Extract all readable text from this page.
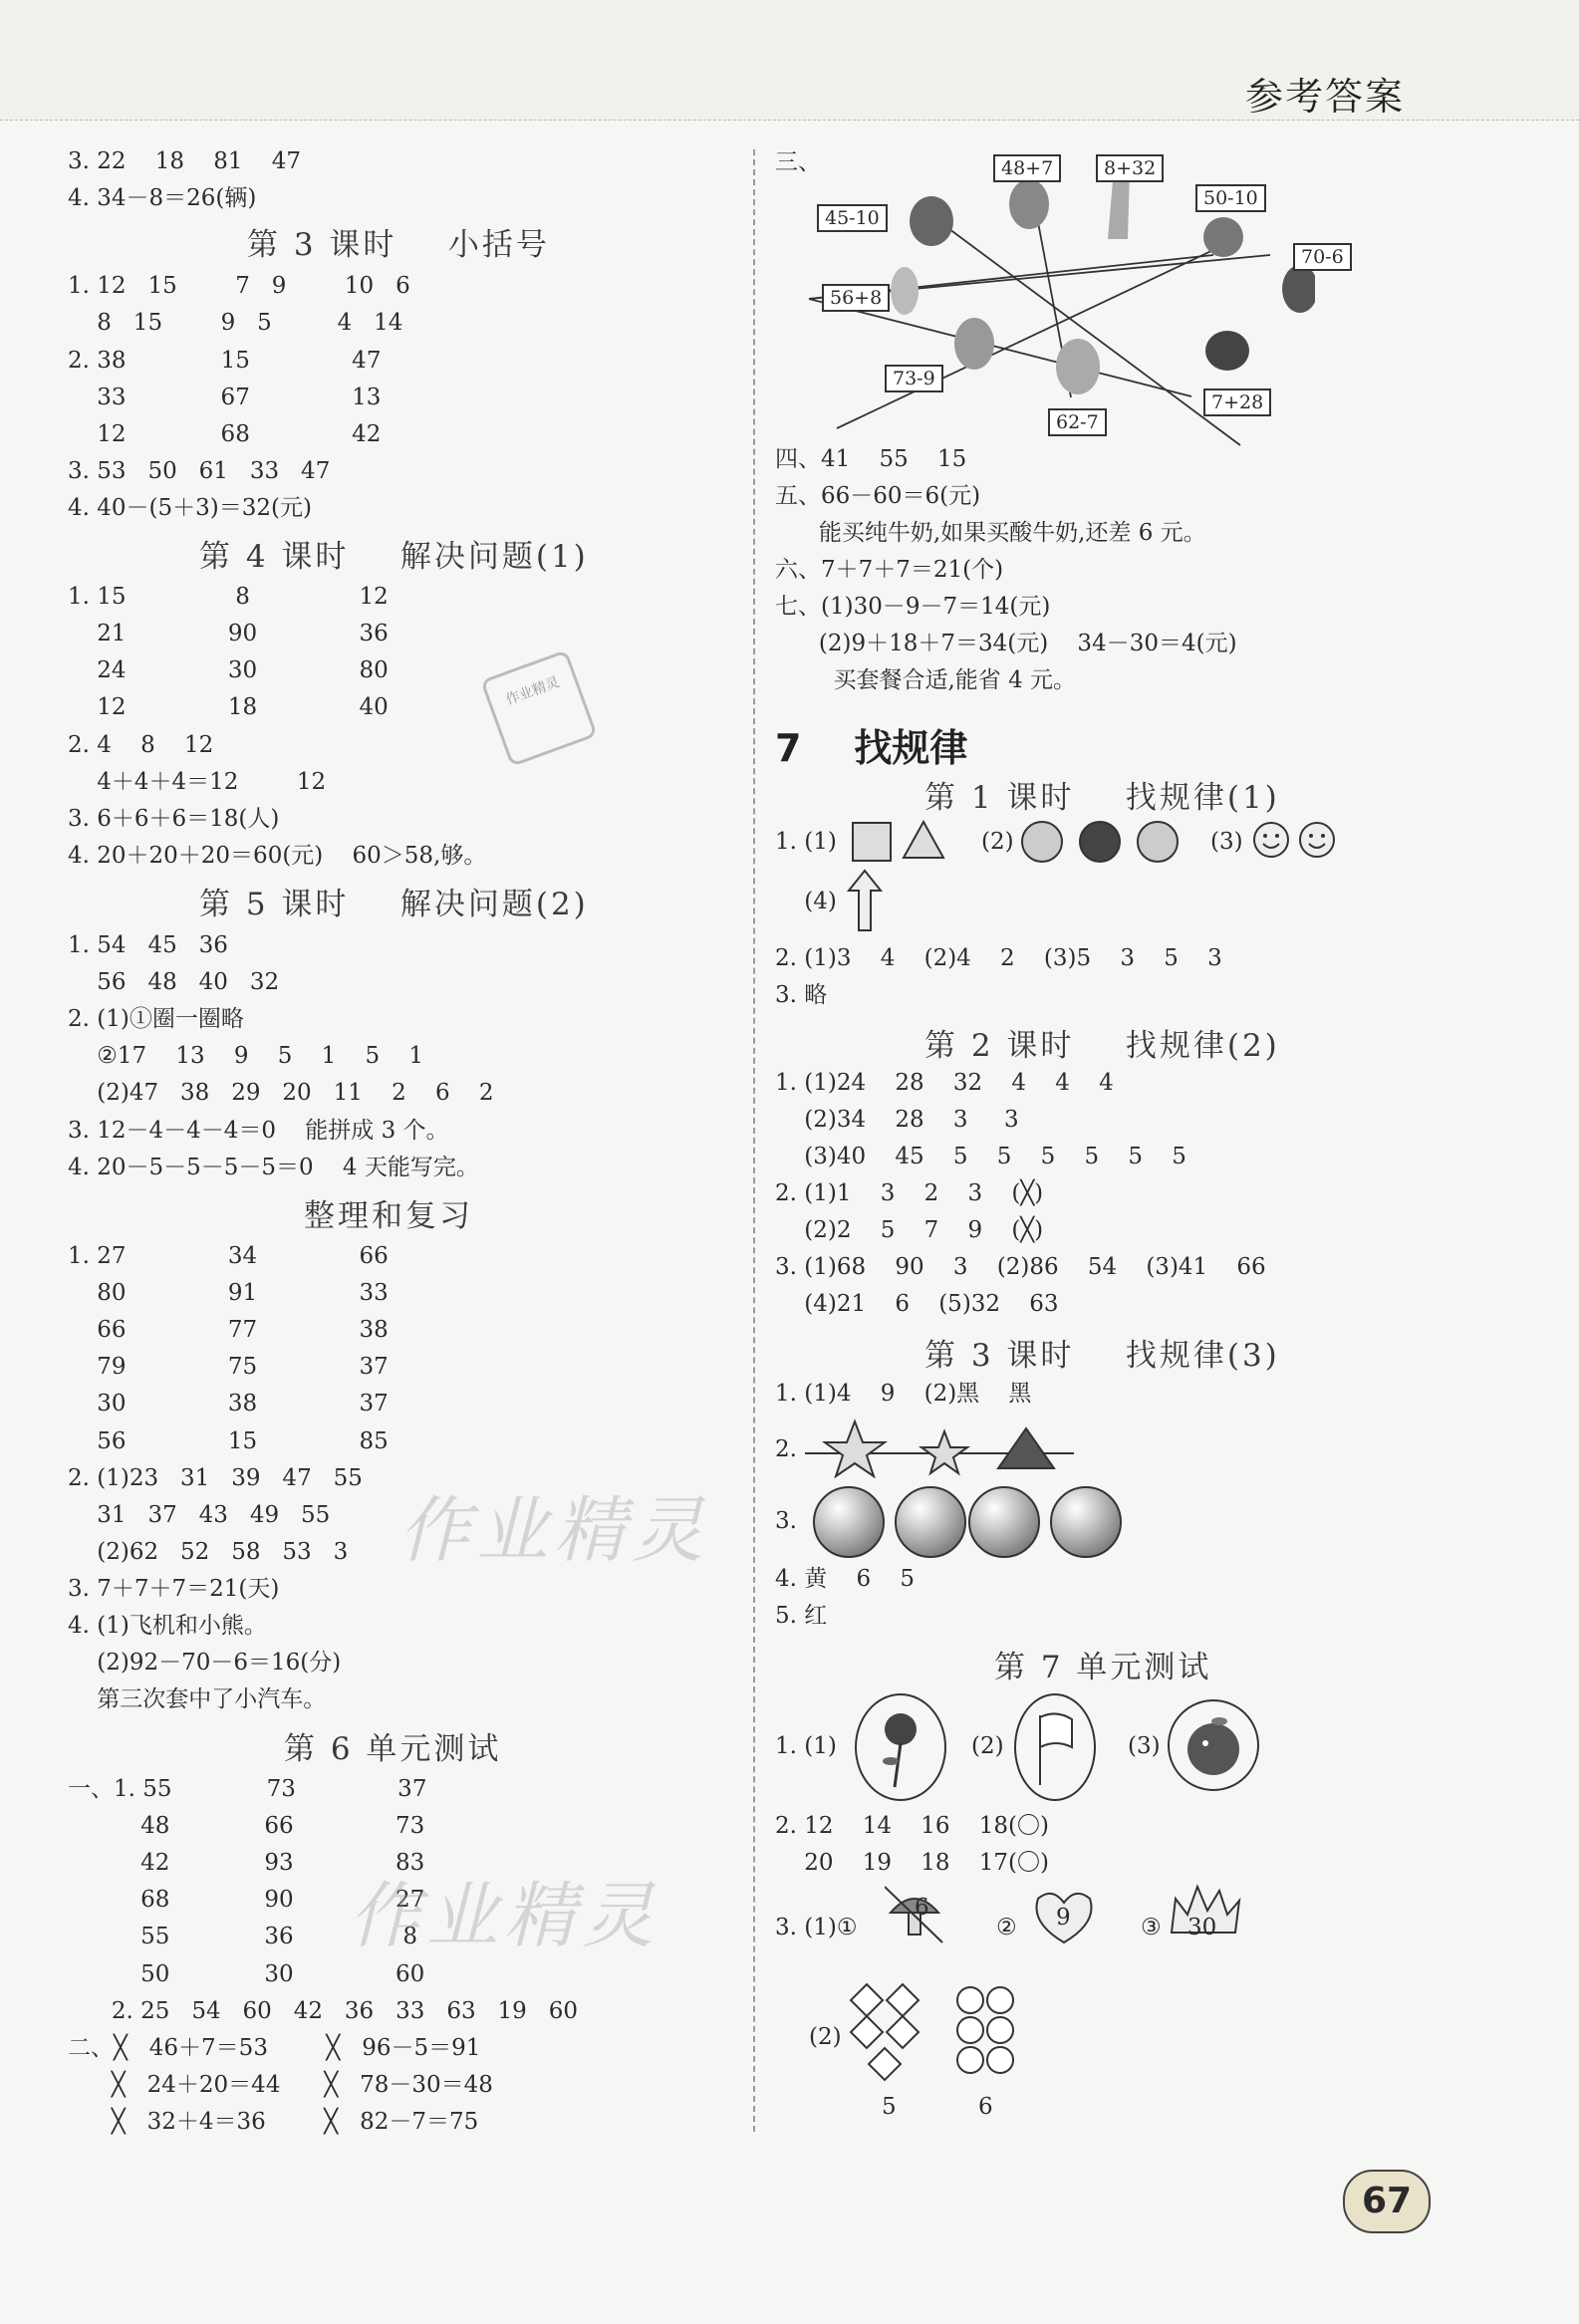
参考答案
3. 22    18    81    47
4. 34－8＝26(辆)
第 3 课时    小括号
1. 12   15        7   9        10   6
8   15        9   5         4   14
2. 38             15              47
33             67              13
12             68              42
3. 53   50   61   33   47
4. 40－(5＋3)＝32(元)
第 4 课时    解决问题(1)
1. 15               8               12
21              90              36
24              30              80
12              18              40	作业精灵
2. 4    8    12
4＋4＋4＝12        12
3. 6＋6＋6＝18(人)
4. 20＋20＋20＝60(元)    60＞58,够。
第 5 课时    解决问题(2)
1. 54   45   36
56   48   40   32
2. (1)①圈一圈略
②17    13    9    5    1    5    1
(2)47   38   29   20   11    2    6    2
3. 12－4－4－4＝0    能拼成 3 个。
4. 20－5－5－5－5＝0    4 天能写完。
整理和复习
1. 27              34              66
80              91              33
66              77              38
79              75              37
30              38              37
56              15              85
2. (1)23   31   39   47   55
31   37   43   49   55
(2)62   52   58   53   3 作业精灵
3. 7＋7＋7＝21(天)
4. (1)飞机和小熊。
(2)92－70－6＝16(分)
第三次套中了小汽车。
第 6 单元测试
一、1. 55             73              37
48             66              73
42             93              83
68             90              27
55             36               8
作业精灵
50             30              60
2. 25   54   60   42   36   33   63   19   60
二、╳   46＋7＝53        ╳   96－5＝91
╳   24＋20＝44      ╳   78－30＝48
╳   32＋4＝36        ╳   82－7＝75
三、	48+7	8+32
50-10
45-10
70-6
56+8
73-9
62-7
7+28
四、41    55    15
五、66－60＝6(元)
能买纯牛奶,如果买酸牛奶,还差 6 元。
六、7＋7＋7＝21(个)
七、(1)30－9－7＝14(元)
(2)9＋18＋7＝34(元)    34－30＝4(元)
买套餐合适,能省 4 元。
7    找规律
第 1 课时    找规律(1)
1. (1)	(2)	(3)
(4)
2. (1)3    4    (2)4    2    (3)5    3    5    3
3. 略
第 2 课时    找规律(2)
1. (1)24    28    32    4    4    4
(2)34    28    3     3
(3)40    45    5    5    5    5    5    5
2. (1)1    3    2    3    (╳)
(2)2    5    7    9    (╳)
3. (1)68    90    3    (2)86    54    (3)41    66
(4)21    6    (5)32    63
第 3 课时    找规律(3)
1. (1)4    9    (2)黑    黑
2.
3.
4. 黄    6    5
5. 红
第 7 单元测试
1. (1)	(2)	(3)
2. 12    14    16    18(〇)
20    19    18    17(〇)
3. (1)①
6
② 9	③ 30
(2)
5	6
67
